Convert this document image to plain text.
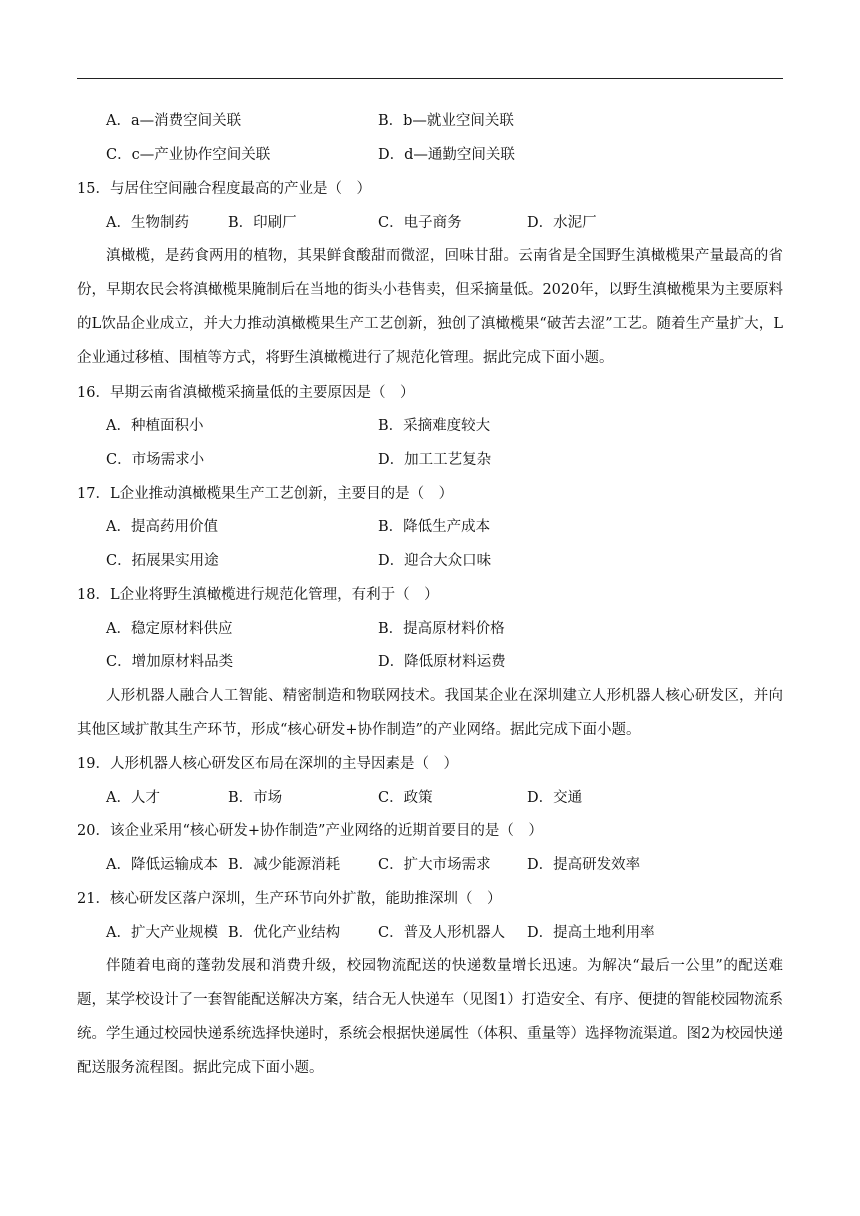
A．a—消费空间关联	B．b—就业空间关联
C．c—产业协作空间关联	D．d—通勤空间关联
15．与居住空间融合程度最高的产业是（　）
A．生物制药	B．印刷厂	C．电子商务	D．水泥厂
滇橄榄，是药食两用的植物，其果鲜食酸甜而微涩，回味甘甜。云南省是全国野生滇橄榄果产量最高的省份，早期农民会将滇橄榄果腌制后在当地的街头小巷售卖，但采摘量低。2020年，以野生滇橄榄果为主要原料的L饮品企业成立，并大力推动滇橄榄果生产工艺创新，独创了滇橄榄果“破苦去涩”工艺。随着生产量扩大，L企业通过移植、围植等方式，将野生滇橄榄进行了规范化管理。据此完成下面小题。
16．早期云南省滇橄榄采摘量低的主要原因是（　）
A．种植面积小	B．采摘难度较大
C．市场需求小	D．加工工艺复杂
17．L企业推动滇橄榄果生产工艺创新，主要目的是（　）
A．提高药用价值	B．降低生产成本
C．拓展果实用途	D．迎合大众口味
18．L企业将野生滇橄榄进行规范化管理，有利于（　）
A．稳定原材料供应	B．提高原材料价格
C．增加原材料品类	D．降低原材料运费
人形机器人融合人工智能、精密制造和物联网技术。我国某企业在深圳建立人形机器人核心研发区，并向其他区域扩散其生产环节，形成“核心研发+协作制造”的产业网络。据此完成下面小题。
19．人形机器人核心研发区布局在深圳的主导因素是（　）
A．人才	B．市场	C．政策	D．交通
20．该企业采用“核心研发+协作制造”产业网络的近期首要目的是（　）
A．降低运输成本 B．减少能源消耗	C．扩大市场需求	D．提高研发效率
21．核心研发区落户深圳，生产环节向外扩散，能助推深圳（　）
A．扩大产业规模 B．优化产业结构	C．普及人形机器人 D．提高土地利用率
伴随着电商的蓬勃发展和消费升级，校园物流配送的快递数量增长迅速。为解决“最后一公里”的配送难题，某学校设计了一套智能配送解决方案，结合无人快递车（见图1）打造安全、有序、便捷的智能校园物流系统。学生通过校园快递系统选择快递时，系统会根据快递属性（体积、重量等）选择物流渠道。图2为校园快递配送服务流程图。据此完成下面小题。
